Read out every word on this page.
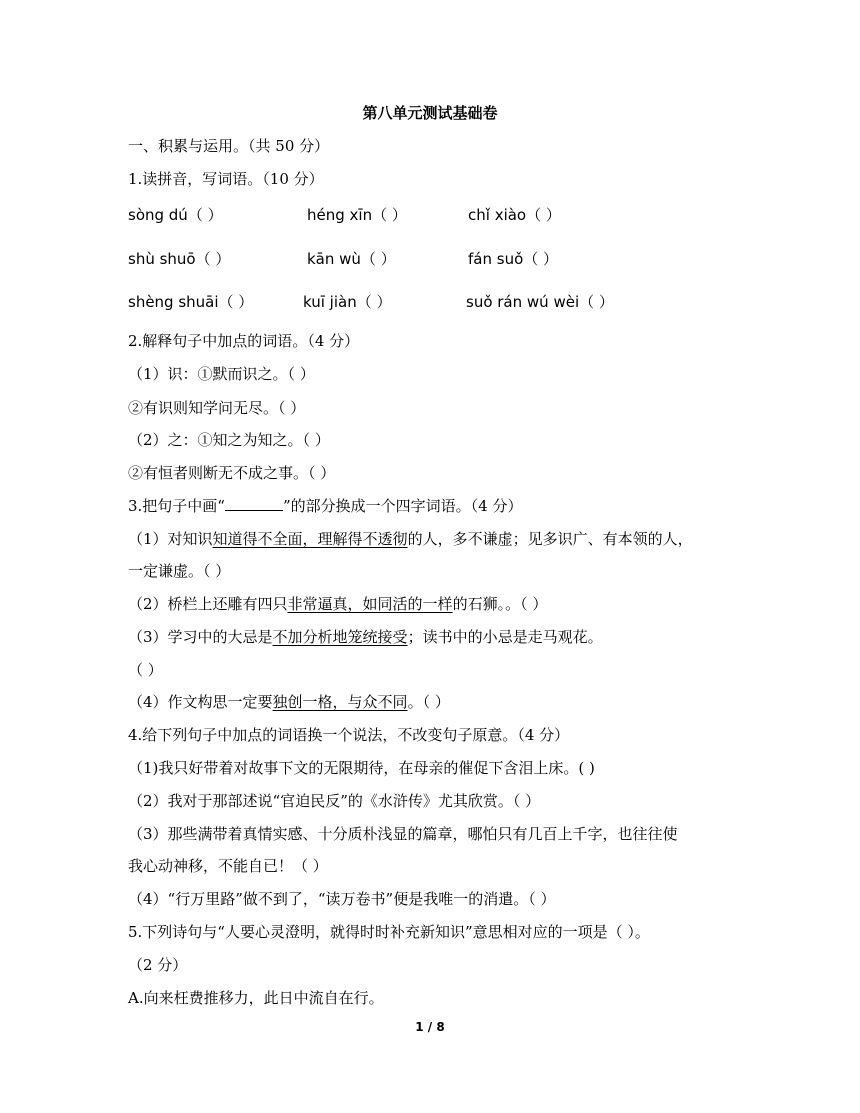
第八单元测试基础卷
一、积累与运用。（共 50 分）
1.读拼音，写词语。（10 分）
sòng dú（ ）	héng xīn（ ）	chǐ xiào（ ）
shù shuō（ ）	kān wù（ ）	fán suǒ（ ）
shèng shuāi（ ）	kuī jiàn（ ）	suǒ rán wú wèi（ ）
2.解释句子中加点的词语。（4 分）
（1）识：①默而识之。（ ）
②有识则知学问无尽。（ ）
（2）之：①知之为知之。（ ）
②有恒者则断无不成之事。（ ）
3.把句子中画“	”的部分换成一个四字词语。（4 分）
（1）对知识知道得不全面，理解得不透彻的人，多不谦虚；见多识广、有本领的人，
一定谦虚。（ ）
（2）桥栏上还雕有四只非常逼真，如同活的一样的石狮。。（ ）
（3）学习中的大忌是不加分析地笼统接受；读书中的小忌是走马观花。
（ ）
（4）作文构思一定要独创一格，与众不同。（ ）
4.给下列句子中加点的词语换一个说法，不改变句子原意。（4 分）
（1)我只好带着对故事下文的无限期待，在母亲的催促下含泪上床。( )
（2）我对于那部述说“官迫民反”的《水浒传》尤其欣赏。（ ）
（3）那些满带着真情实感、十分质朴浅显的篇章，哪怕只有几百上千字，也往往使
我心动神移，不能自已！（ ）
（4）“行万里路”做不到了，“读万卷书”便是我唯一的消遣。（ ）
5.下列诗句与“人要心灵澄明，就得时时补充新知识”意思相对应的一项是（ ）。
（2 分）
A.向来枉费推移力，此日中流自在行。
1 / 8
